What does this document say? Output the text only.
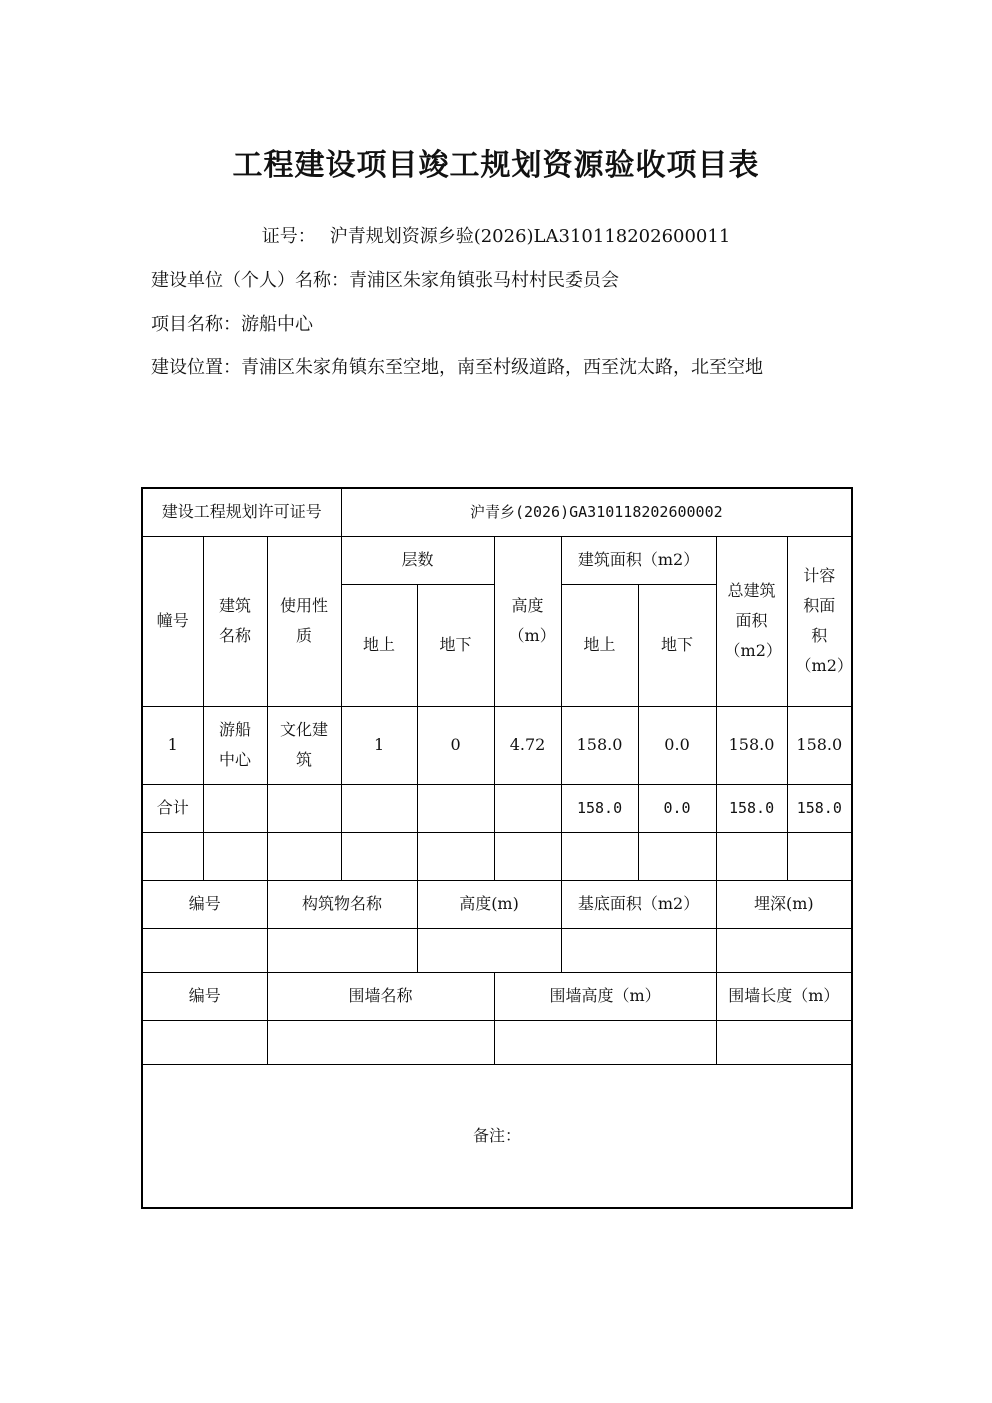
工程建设项目竣工规划资源验收项目表
证号： 沪青规划资源乡验(2026)LA310118202600011
建设单位（个人）名称：青浦区朱家角镇张马村村民委员会
项目名称：游船中心
建设位置：青浦区朱家角镇东至空地，南至村级道路，西至沈太路，北至空地
建设工程规划许可证号			沪青乡(2026)GA310118202600002						
幢号	建筑名称	使用性质	层数		高度（m）	建筑面积（m2）		总建筑面积（m2）	计容积面积（m2）
			地上	地下		地上	地下		
1	游船中心	文化建筑	1	0	4.72	158.0	0.0	158.0	158.0
合计						158.0	0.0	158.0	158.0

编号		构筑物名称		高度(m)		基底面积（m2）		埋深(m)	

编号		围墙名称			围墙高度（m）			围墙长度（m）	

备注：									
